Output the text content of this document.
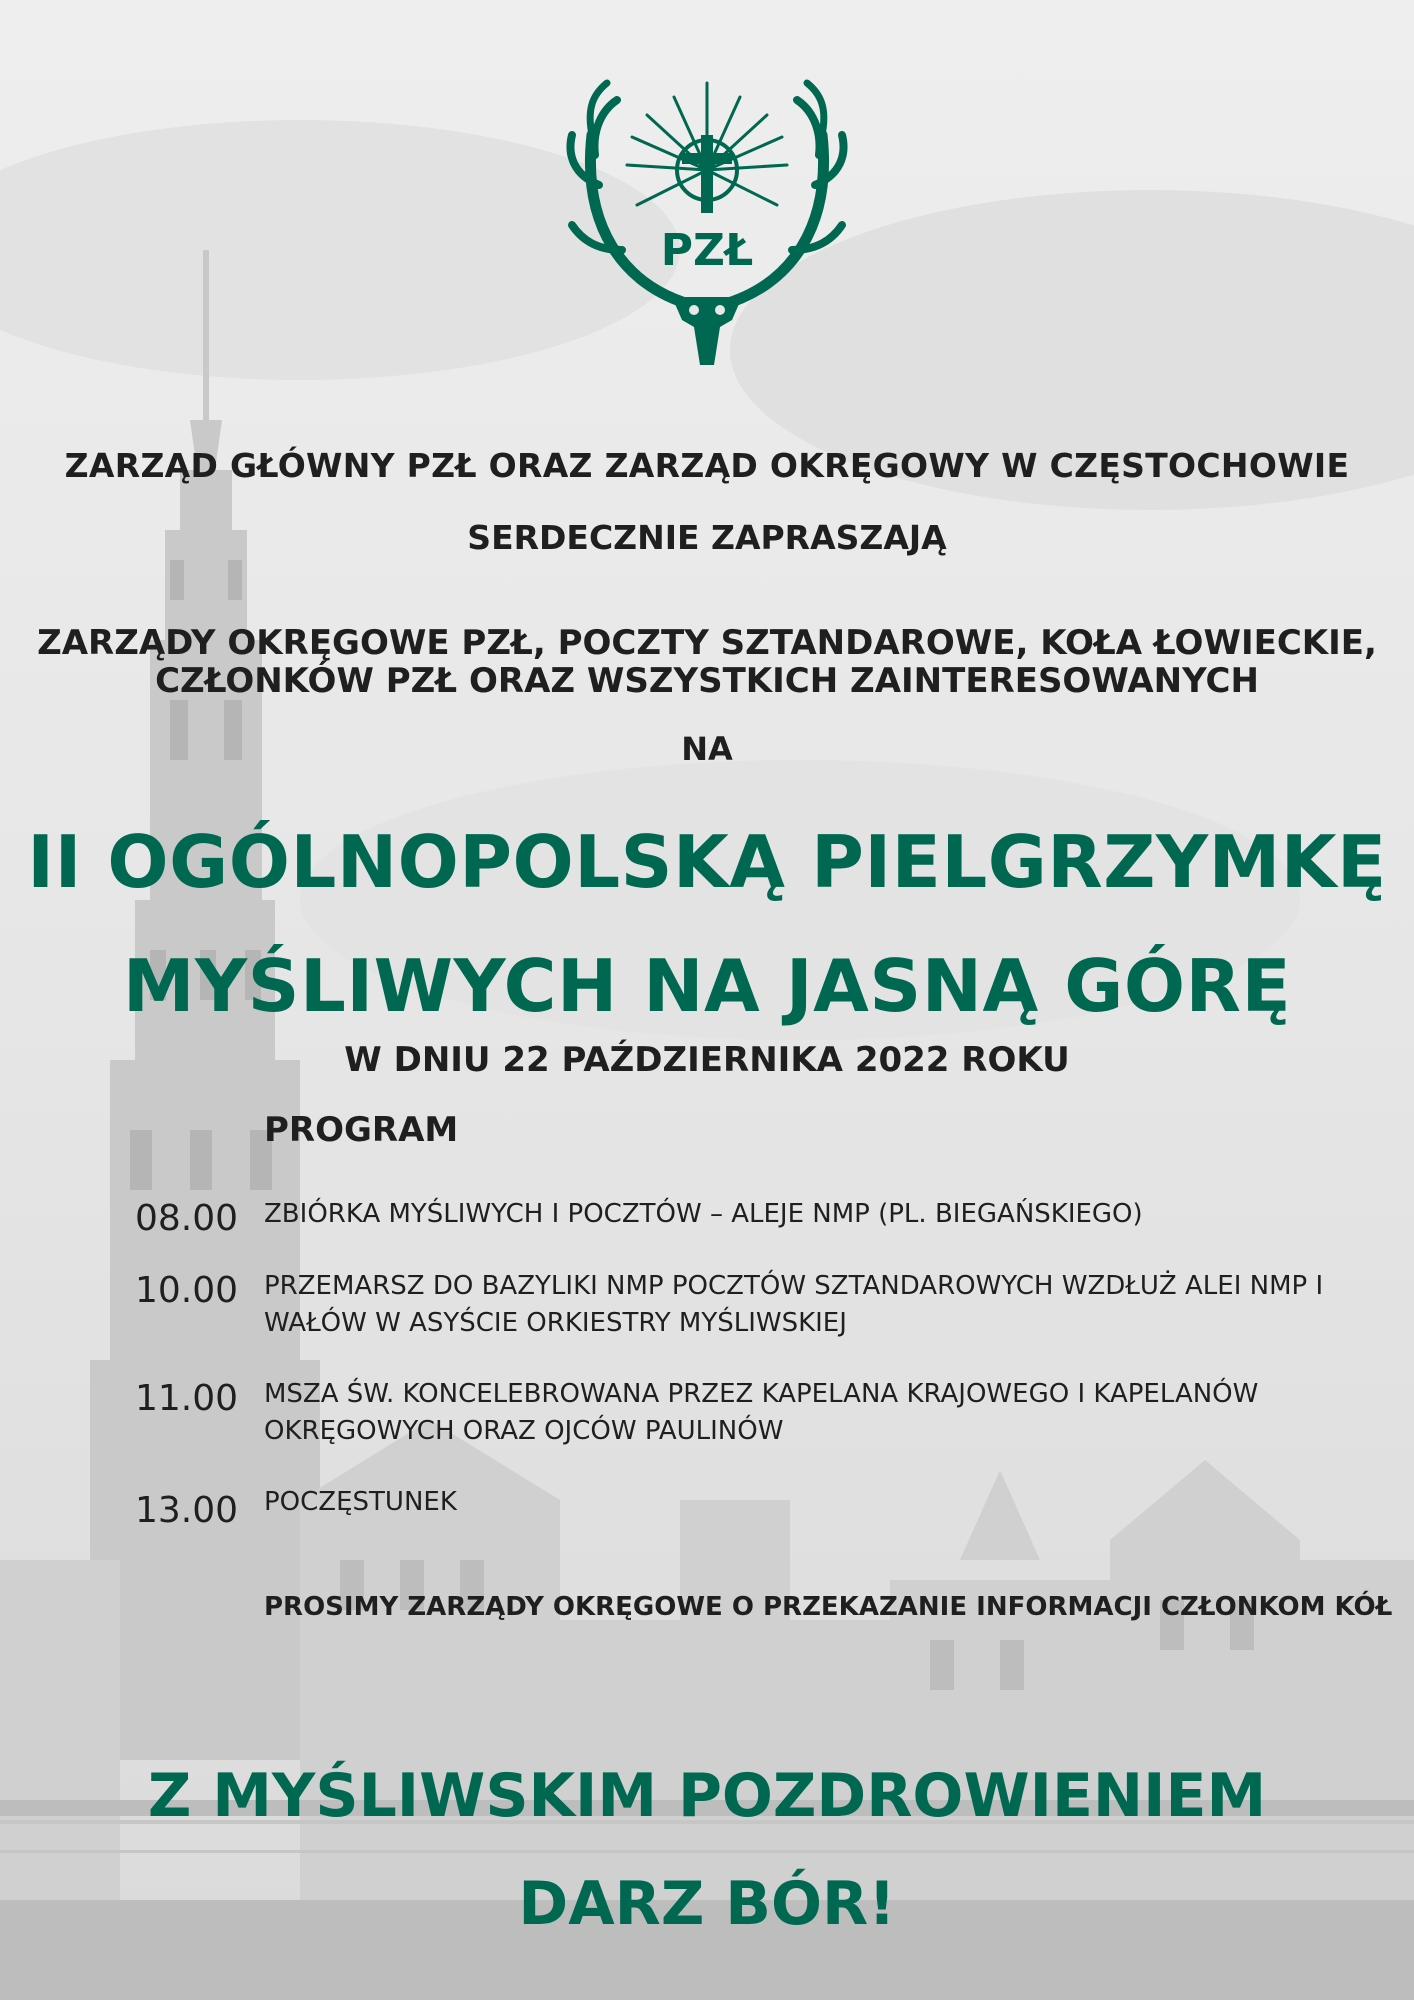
PZŁ
ZARZĄD GŁÓWNY PZŁ ORAZ ZARZĄD OKRĘGOWY W CZĘSTOCHOWIE
SERDECZNIE ZAPRASZAJĄ
ZARZĄDY OKRĘGOWE PZŁ, POCZTY SZTANDAROWE, KOŁA ŁOWIECKIE,
CZŁONKÓW PZŁ ORAZ WSZYSTKICH ZAINTERESOWANYCH
NA
II OGÓLNOPOLSKĄ PIELGRZYMKĘ
MYŚLIWYCH NA JASNĄ GÓRĘ
W DNIU 22 PAŹDZIERNIKA 2022 ROKU
PROGRAM
08.00 ZBIÓRKA MYŚLIWYCH I POCZTÓW – ALEJE NMP (PL. BIEGAŃSKIEGO)
10.00 PRZEMARSZ DO BAZYLIKI NMP POCZTÓW SZTANDAROWYCH WZDŁUŻ ALEI NMP I
WAŁÓW W ASYŚCIE ORKIESTRY MYŚLIWSKIEJ
11.00 MSZA ŚW. KONCELEBROWANA PRZEZ KAPELANA KRAJOWEGO I KAPELANÓW
OKRĘGOWYCH ORAZ OJCÓW PAULINÓW
13.00 POCZĘSTUNEK
PROSIMY ZARZĄDY OKRĘGOWE O PRZEKAZANIE INFORMACJI CZŁONKOM KÓŁ
Z MYŚLIWSKIM POZDROWIENIEM
DARZ BÓR!
